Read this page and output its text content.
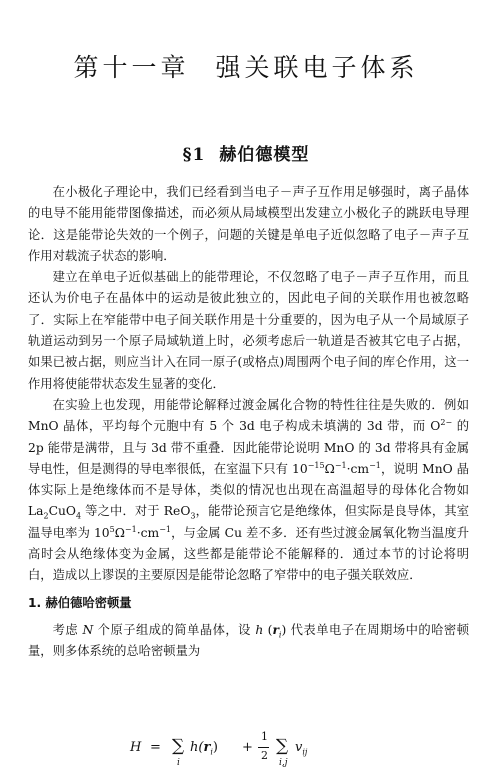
第十一章 强关联电子体系
§1 赫伯德模型

在小极化子理论中，我们已经看到当电子－声子互作用足够强时，离子晶体的电导不能用能带图像描述，而必须从局域模型出发建立小极化子的跳跃电导理论．这是能带论失效的一个例子，问题的关键是单电子近似忽略了电子－声子互作用对载流子状态的影响．

建立在单电子近似基础上的能带理论，不仅忽略了电子－声子互作用，而且还认为价电子在晶体中的运动是彼此独立的，因此电子间的关联作用也被忽略了．实际上在窄能带中电子间关联作用是十分重要的，因为电子从一个局域原子轨道运动到另一个原子局域轨道上时，必须考虑后一轨道是否被其它电子占据，如果已被占据，则应当计入在同一原子(或格点)周围两个电子间的库仑作用，这一作用将使能带状态发生显著的变化．

在实验上也发现，用能带论解释过渡金属化合物的特性往往是失败的．例如 MnO 晶体，平均每个元胞中有 5 个 3d 电子构成未填满的 3d 带，而 $O^{2-}$ 的 2p 能带是满带，且与 3d 带不重叠．因此能带论说明 MnO 的 3d 带将具有金属导电性，但是测得的导电率很低，在室温下只有 $10^{-15}\Omega^{-1}\cdot cm^{-1}$，说明 MnO 晶体实际上是绝缘体而不是导体，类似的情况也出现在高温超导的母体化合物如 $La_2CuO_4$ 等之中．对于 ReO$_3$，能带论预言它是绝缘体，但实际是良导体，其室温导电率为 $10^5\Omega^{-1}\cdot cm^{-1}$，与金属 Cu 差不多．还有些过渡金属氧化物当温度升高时会从绝缘体变为金属，这些都是能带论不能解释的．通过本节的讨论将明白，造成以上谬误的主要原因是能带论忽略了窄带中的电子强关联效应．

1. 赫伯德哈密顿量

考虑 N 个原子组成的简单晶体，设 h $(r_i)$ 代表单电子在周期场中的哈密顿量，则多体系统的总哈密顿量为

H = ∑
i
$h(r_i)$ +
1
2 ∑
i,j
$v_{ij}$
